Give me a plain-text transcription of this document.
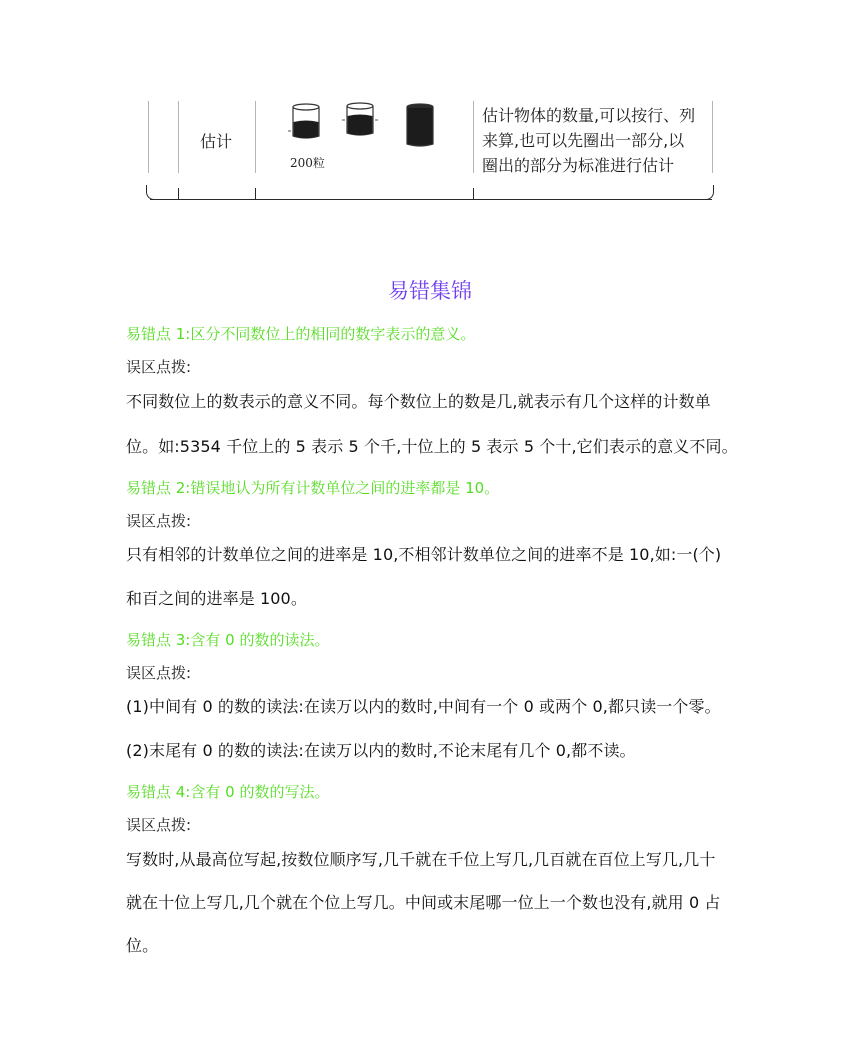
估计
200粒
估计物体的数量,可以按行、列
来算,也可以先圈出一部分,以
圈出的部分为标准进行估计
易错集锦
易错点 1:区分不同数位上的相同的数字表示的意义。
误区点拨:
不同数位上的数表示的意义不同。每个数位上的数是几,就表示有几个这样的计数单
位。如:5354 千位上的 5 表示 5 个千,十位上的 5 表示 5 个十,它们表示的意义不同。
易错点 2:错误地认为所有计数单位之间的进率都是 10。
误区点拨:
只有相邻的计数单位之间的进率是 10,不相邻计数单位之间的进率不是 10,如:一(个)
和百之间的进率是 100。
易错点 3:含有 0 的数的读法。
误区点拨:
(1)中间有 0 的数的读法:在读万以内的数时,中间有一个 0 或两个 0,都只读一个零。
(2)末尾有 0 的数的读法:在读万以内的数时,不论末尾有几个 0,都不读。
易错点 4:含有 0 的数的写法。
误区点拨:
写数时,从最高位写起,按数位顺序写,几千就在千位上写几,几百就在百位上写几,几十
就在十位上写几,几个就在个位上写几。中间或末尾哪一位上一个数也没有,就用 0 占
位。
